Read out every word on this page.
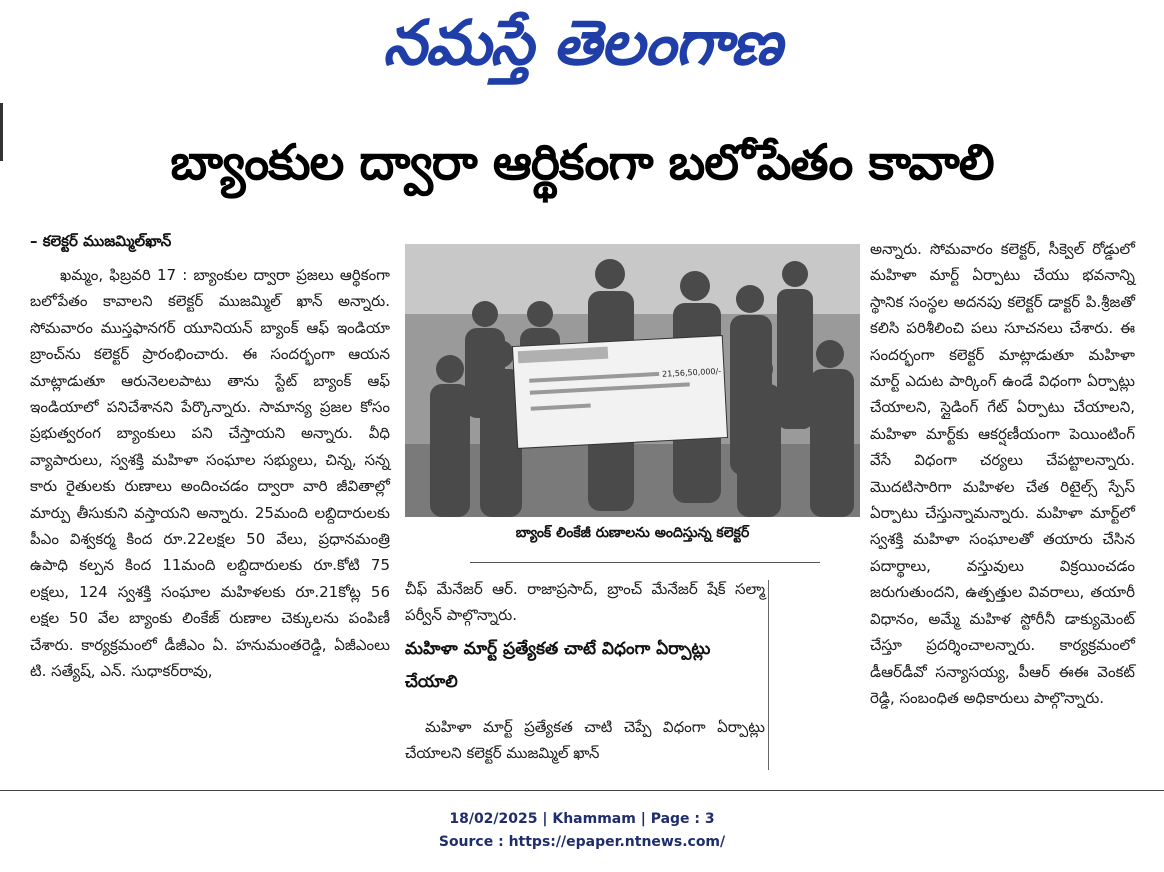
నమస్తే తెలంగాణ
బ్యాంకుల ద్వారా ఆర్థికంగా బలోపేతం కావాలి
– కలెక్టర్ ముజమ్మిల్‌ఖాన్

ఖమ్మం, ఫిబ్రవరి 17 : బ్యాంకుల ద్వారా ప్రజలు ఆర్థికంగా బలోపేతం కావాలని కలెక్టర్ ముజమ్మిల్ ఖాన్ అన్నారు. సోమవారం ముస్తఫానగర్ యూనియన్ బ్యాంక్ ఆఫ్ ఇండియా బ్రాంచ్‌ను కలెక్టర్ ప్రారంభించారు. ఈ సందర్భంగా ఆయన మాట్లాడుతూ ఆరునెలలపాటు తాను స్టేట్ బ్యాంక్ ఆఫ్ ఇండియాలో పనిచేశానని పేర్కొన్నారు. సామాన్య ప్రజల కోసం ప్రభుత్వరంగ బ్యాంకులు పని చేస్తాయని అన్నారు. వీధి వ్యాపారులు, స్వశక్తి మహిళా సంఘాల సభ్యులు, చిన్న, సన్న కారు రైతులకు రుణాలు అందించడం ద్వారా వారి జీవితాల్లో మార్పు తీసుకుని వస్తాయని అన్నారు. 25మంది లబ్దిదారులకు పీఎం విశ్వకర్మ కింద రూ.22లక్షల 50 వేలు, ప్రధానమంత్రి ఉపాధి కల్పన కింద 11మంది లబ్దిదారులకు రూ.కోటి 75 లక్షలు, 124 స్వశక్తి సంఘాల మహిళలకు రూ.21కోట్ల 56 లక్షల 50 వేల బ్యాంకు లింకేజ్ రుణాల చెక్కులను పంపిణీ చేశారు. కార్యక్రమంలో డీజీఎం ఏ. హనుమంతరెడ్డి, ఏజీఎంలు టి. సత్యేష్, ఎన్. సుధాకర్‌రావు,

21,56,50,000/-
బ్యాంక్ లింకేజీ రుణాలను అందిస్తున్న కలెక్టర్

చీఫ్ మేనేజర్ ఆర్. రాజాప్రసాద్, బ్రాంచ్ మేనేజర్ షేక్ సల్మా పర్వీన్ పాల్గొన్నారు.

మహిళా మార్ట్ ప్రత్యేకత చాటే విధంగా ఏర్పాట్లు చేయాలి

మహిళా మార్ట్ ప్రత్యేకత చాటి చెప్పే విధంగా ఏర్పాట్లు చేయాలని కలెక్టర్ ముజమ్మిల్ ఖాన్

అన్నారు. సోమవారం కలెక్టర్, సీక్వెల్ రోడ్డులో మహిళా మార్ట్ ఏర్పాటు చేయు భవనాన్ని స్థానిక సంస్థల అదనపు కలెక్టర్ డాక్టర్ పి.శ్రీజతో కలిసి పరిశీలించి పలు సూచనలు చేశారు. ఈ సందర్భంగా కలెక్టర్ మాట్లాడుతూ మహిళా మార్ట్ ఎదుట పార్కింగ్ ఉండే విధంగా ఏర్పాట్లు చేయాలని, స్లైడింగ్ గేట్ ఏర్పాటు చేయాలని, మహిళా మార్ట్‌కు ఆకర్షణీయంగా పెయింటింగ్ వేసే విధంగా చర్యలు చేపట్టాలన్నారు. మొదటిసారిగా మహిళల చేత రిటైల్స్ స్పేస్ ఏర్పాటు చేస్తున్నామన్నారు. మహిళా మార్ట్‌లో స్వశక్తి మహిళా సంఘాలతో తయారు చేసిన పదార్థాలు, వస్తువులు విక్రయించడం జరుగుతుందని, ఉత్పత్తుల వివరాలు, తయారీ విధానం, అమ్మే మహిళ స్టోరీనీ డాక్యుమెంట్ చేస్తూ ప్రదర్శించాలన్నారు. కార్యక్రమంలో డీఆర్‌డీవో సన్యాసయ్య, పీఆర్ ఈఈ వెంకట్ రెడ్డి, సంబంధిత అధికారులు పాల్గొన్నారు.

18/02/2025 | Khammam | Page : 3
Source : https://epaper.ntnews.com/
